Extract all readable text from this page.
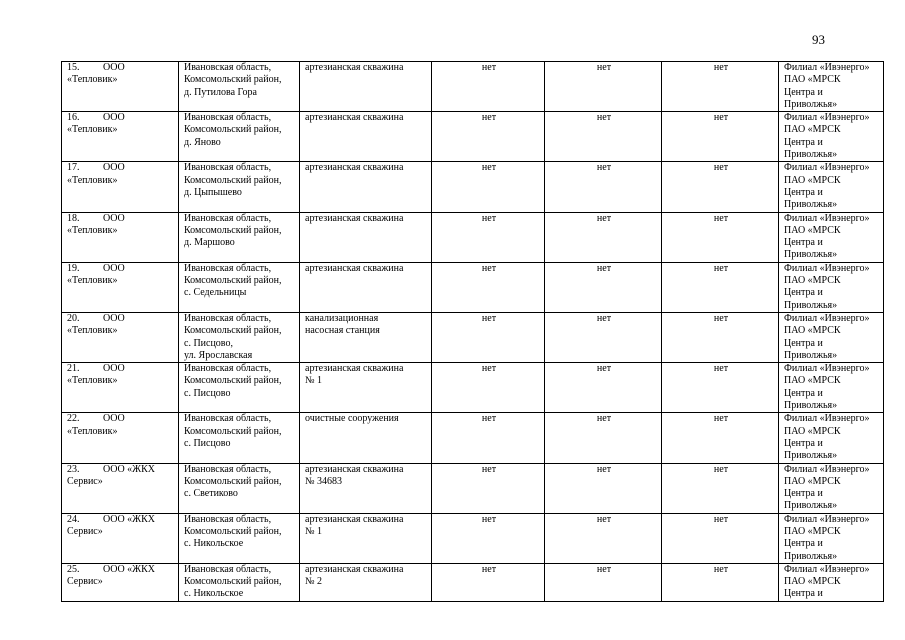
93
15. ООО
«Тепловик»	Ивановская область,
Комсомольский район,
д. Путилова Гора	артезианская скважина	нет	нет	нет	Филиал «Ивэнерго»
ПАО «МРСК
Центра и
Приволжья»

16. ООО
«Тепловик»	Ивановская область,
Комсомольский район,
д. Яново	артезианская скважина	нет	нет	нет	Филиал «Ивэнерго»
ПАО «МРСК
Центра и
Приволжья»

17. ООО
«Тепловик»	Ивановская область,
Комсомольский район,
д. Цыпышево	артезианская скважина	нет	нет	нет	Филиал «Ивэнерго»
ПАО «МРСК
Центра и
Приволжья»

18. ООО
«Тепловик»	Ивановская область,
Комсомольский район,
д. Маршово	артезианская скважина	нет	нет	нет	Филиал «Ивэнерго»
ПАО «МРСК
Центра и
Приволжья»

19. ООО
«Тепловик»	Ивановская область,
Комсомольский район,
с. Седельницы	артезианская скважина	нет	нет	нет	Филиал «Ивэнерго»
ПАО «МРСК
Центра и
Приволжья»

20. ООО
«Тепловик»	Ивановская область,
Комсомольский район,
с. Писцово,
ул. Ярославская	канализационная
насосная станция	нет	нет	нет	Филиал «Ивэнерго»
ПАО «МРСК
Центра и
Приволжья»

21. ООО
«Тепловик»	Ивановская область,
Комсомольский район,
с. Писцово	артезианская скважина
№ 1	нет	нет	нет	Филиал «Ивэнерго»
ПАО «МРСК
Центра и
Приволжья»

22. ООО
«Тепловик»	Ивановская область,
Комсомольский район,
с. Писцово	очистные сооружения	нет	нет	нет	Филиал «Ивэнерго»
ПАО «МРСК
Центра и
Приволжья»

23. ООО «ЖКХ
Сервис»	Ивановская область,
Комсомольский район,
с. Светиково	артезианская скважина
№ 34683	нет	нет	нет	Филиал «Ивэнерго»
ПАО «МРСК
Центра и
Приволжья»

24. ООО «ЖКХ
Сервис»	Ивановская область,
Комсомольский район,
с. Никольское	артезианская скважина
№ 1	нет	нет	нет	Филиал «Ивэнерго»
ПАО «МРСК
Центра и
Приволжья»

25. ООО «ЖКХ
Сервис»	Ивановская область,
Комсомольский район,
с. Никольское	артезианская скважина
№ 2	нет	нет	нет	Филиал «Ивэнерго»
ПАО «МРСК
Центра и
